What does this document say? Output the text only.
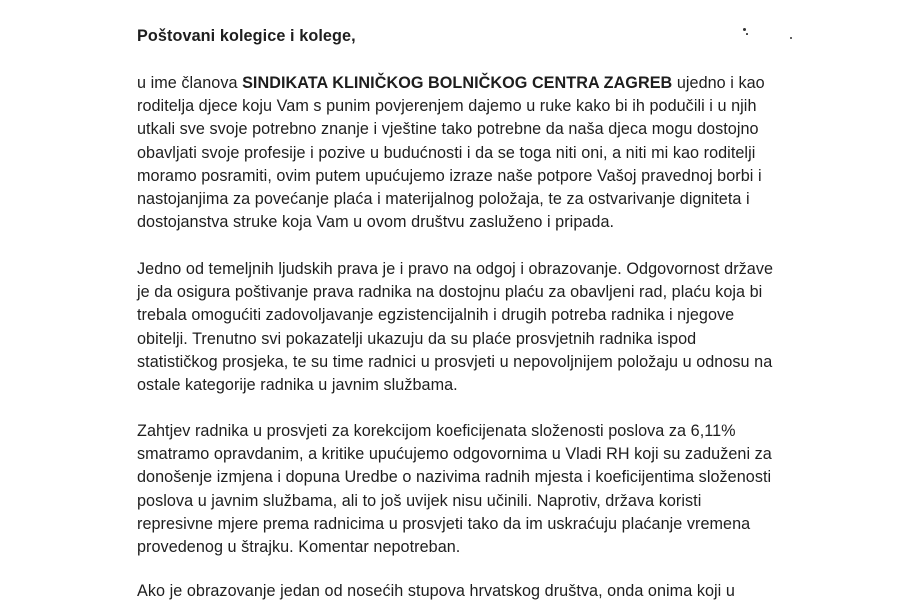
Poštovani kolegice i kolege,

u ime članova SINDIKATA KLINIČKOG BOLNIČKOG CENTRA ZAGREB ujedno i kao
roditelja djece koju Vam s punim povjerenjem dajemo u ruke kako bi ih podučili i u njih
utkali sve svoje potrebno znanje i vještine tako potrebne da naša djeca mogu dostojno
obavljati svoje profesije i pozive u budućnosti i da se toga niti oni, a niti mi kao roditelji
moramo posramiti, ovim putem upućujemo izraze naše potpore Vašoj pravednoj borbi i
nastojanjima za povećanje plaća i materijalnog položaja, te za ostvarivanje digniteta i
dostojanstva struke koja Vam u ovom društvu zasluženo i pripada.

Jedno od temeljnih ljudskih prava je i pravo na odgoj i obrazovanje. Odgovornost države
je da osigura poštivanje prava radnika na dostojnu plaću za obavljeni rad, plaću koja bi
trebala omogućiti zadovoljavanje egzistencijalnih i drugih potreba radnika i njegove
obitelji. Trenutno svi pokazatelji ukazuju da su plaće prosvjetnih radnika ispod
statističkog prosjeka, te su time radnici u prosvjeti u nepovoljnijem položaju u odnosu na
ostale kategorije radnika u javnim službama.

Zahtjev radnika u prosvjeti za korekcijom koeficijenata složenosti poslova za 6,11%
smatramo opravdanim, a kritike upućujemo odgovornima u Vladi RH koji su zaduženi za
donošenje izmjena i dopuna Uredbe o nazivima radnih mjesta i koeficijentima složenosti
poslova u javnim službama, ali to još uvijek nisu učinili. Naprotiv, država koristi
represivne mjere prema radnicima u prosvjeti tako da im uskraćuju plaćanje vremena
provedenog u štrajku. Komentar nepotreban.

Ako je obrazovanje jedan od nosećih stupova hrvatskog društva, onda onima koji u
